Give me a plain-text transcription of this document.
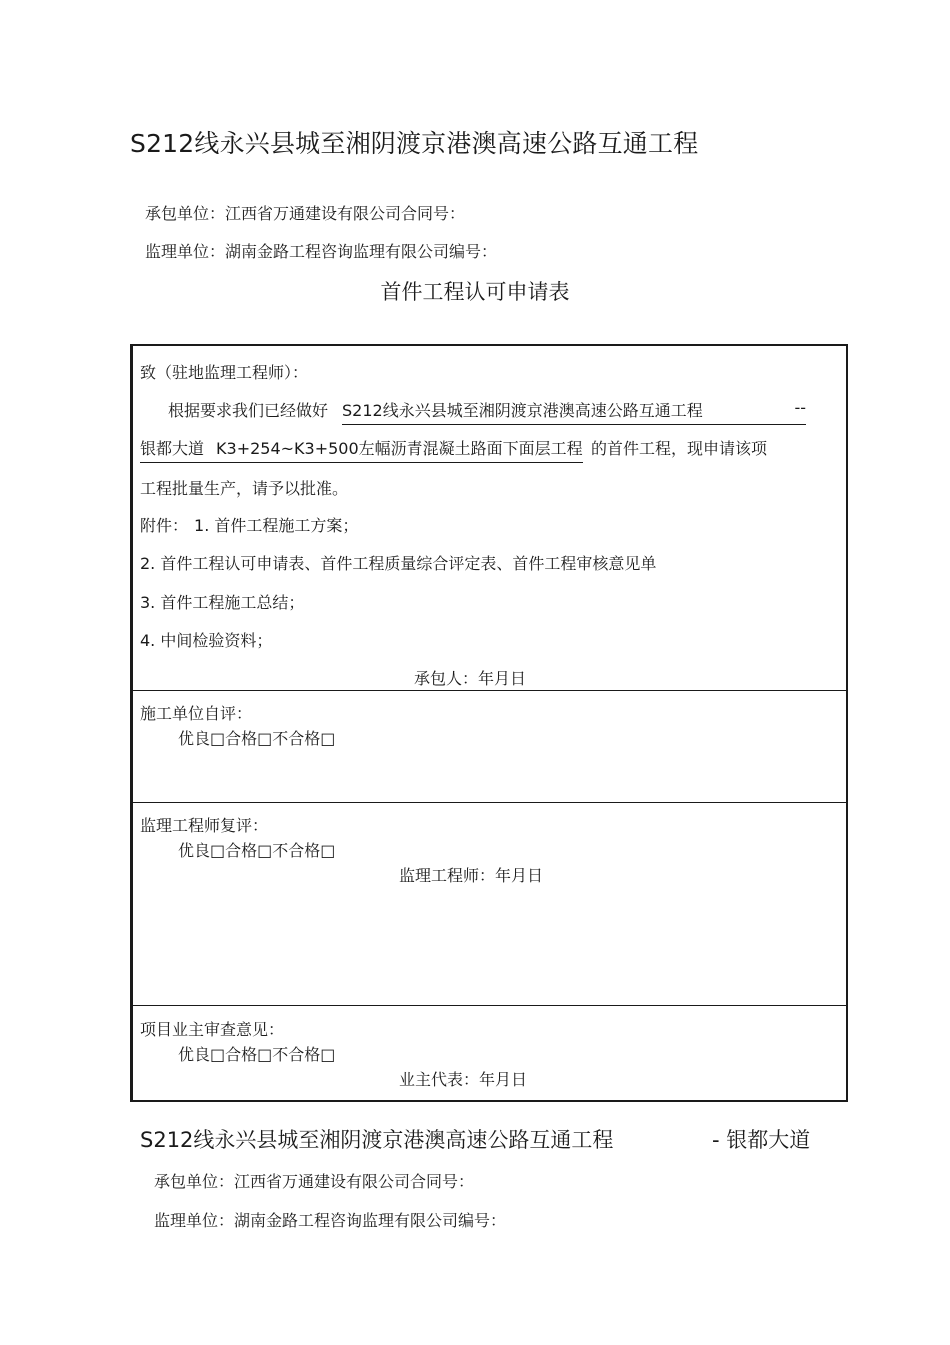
S212线永兴县城至湘阴渡京港澳高速公路互通工程
承包单位：江西省万通建设有限公司合同号：
监理单位：湖南金路工程咨询监理有限公司编号：
首件工程认可申请表
致（驻地监理工程师）：
根据要求我们已经做好 S212线永兴县城至湘阴渡京港澳高速公路互通工程	--
银都大道 K3+254~K3+500左幅沥青混凝土路面下面层工程 的首件工程，现申请该项
工程批量生产，请予以批准。
附件： 1. 首件工程施工方案；
2. 首件工程认可申请表、首件工程质量综合评定表、首件工程审核意见单
3. 首件工程施工总结；
4. 中间检验资料；
承包人：年月日
施工单位自评：
优良□合格□不合格□
监理工程师复评：
优良□合格□不合格□
监理工程师：年月日
项目业主审查意见：
优良□合格□不合格□
业主代表：年月日
S212线永兴县城至湘阴渡京港澳高速公路互通工程	- 银都大道
承包单位：江西省万通建设有限公司合同号：
监理单位：湖南金路工程咨询监理有限公司编号：
